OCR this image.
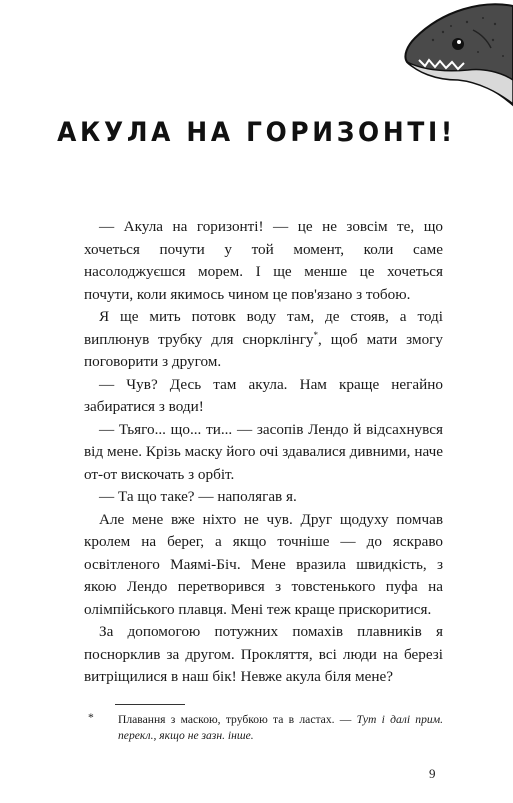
АКУЛА НА ГОРИЗОНТІ!

— Акула на горизонті! — це не зовсім те, що хочеться почути у той момент, коли саме насолоджуєшся морем. І ще менше це хочеться почути, коли якимось чином це пов'язано з тобою.

Я ще мить потовк воду там, де стояв, а тоді виплюнув трубку для снорклінгу*, щоб мати змогу поговорити з другом.

— Чув? Десь там акула. Нам краще негайно забиратися з води!

— Тьяго... що... ти... — засопів Лендо й відсахнувся від мене. Крізь маску його очі здавалися дивними, наче от-от вискочать з орбіт.

— Та що таке? — наполягав я.

Але мене вже ніхто не чув. Друг щодуху помчав кролем на берег, а якщо точніше — до яскраво освітленого Маямі-Біч. Мене вразила швидкість, з якою Лендо перетворився з товстенького пуфа на олімпійського плавця. Мені теж краще прискоритися.

За допомогою потужних помахів плавників я поснорклив за другом. Прокляття, всі люди на березі витріщилися в наш бік! Невже акула біля мене?

* Плавання з маскою, трубкою та в ластах. — Тут і далі прим. перекл., якщо не зазн. інше.
9
